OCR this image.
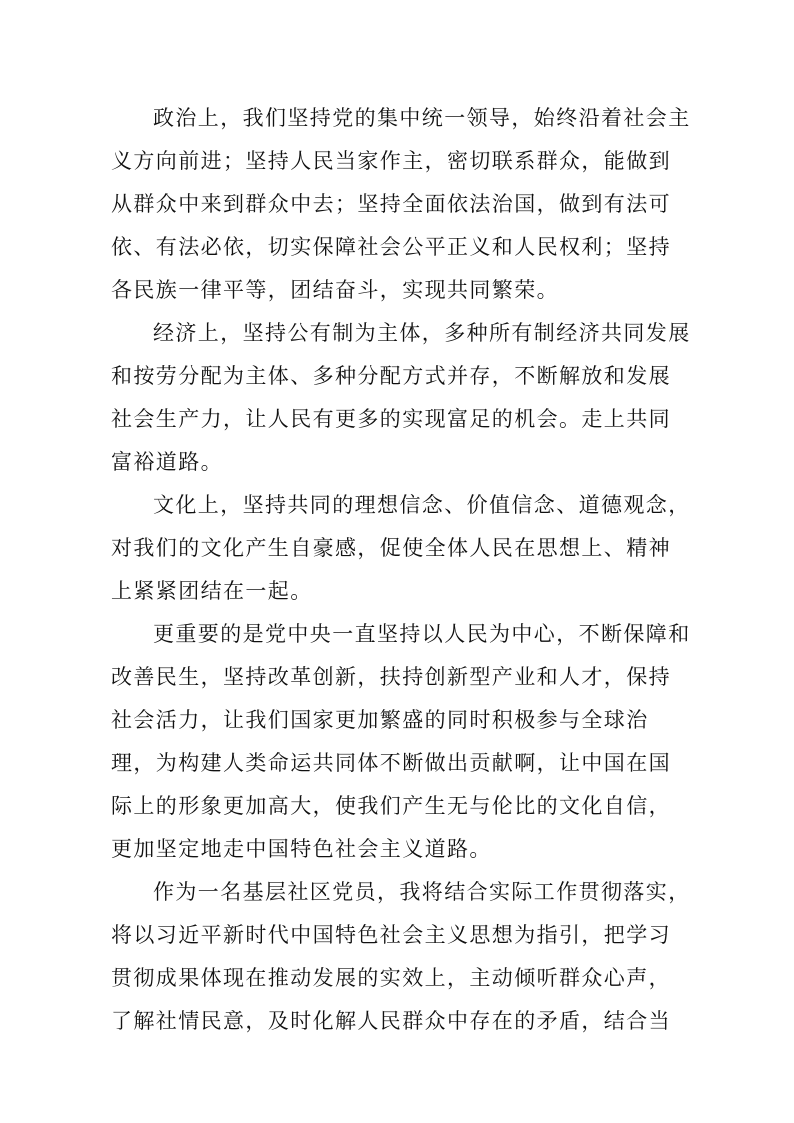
政治上，我们坚持党的集中统一领导，始终沿着社会主
义方向前进；坚持人民当家作主，密切联系群众，能做到
从群众中来到群众中去；坚持全面依法治国，做到有法可
依、有法必依，切实保障社会公平正义和人民权利；坚持
各民族一律平等，团结奋斗，实现共同繁荣。
经济上，坚持公有制为主体，多种所有制经济共同发展
和按劳分配为主体、多种分配方式并存，不断解放和发展
社会生产力，让人民有更多的实现富足的机会。走上共同
富裕道路。
文化上，坚持共同的理想信念、价值信念、道德观念，
对我们的文化产生自豪感，促使全体人民在思想上、精神
上紧紧团结在一起。
更重要的是党中央一直坚持以人民为中心，不断保障和
改善民生，坚持改革创新，扶持创新型产业和人才，保持
社会活力，让我们国家更加繁盛的同时积极参与全球治
理，为构建人类命运共同体不断做出贡献啊，让中国在国
际上的形象更加高大，使我们产生无与伦比的文化自信，
更加坚定地走中国特色社会主义道路。
作为一名基层社区党员，我将结合实际工作贯彻落实，
将以习近平新时代中国特色社会主义思想为指引，把学习
贯彻成果体现在推动发展的实效上，主动倾听群众心声，
了解社情民意，及时化解人民群众中存在的矛盾，结合当
